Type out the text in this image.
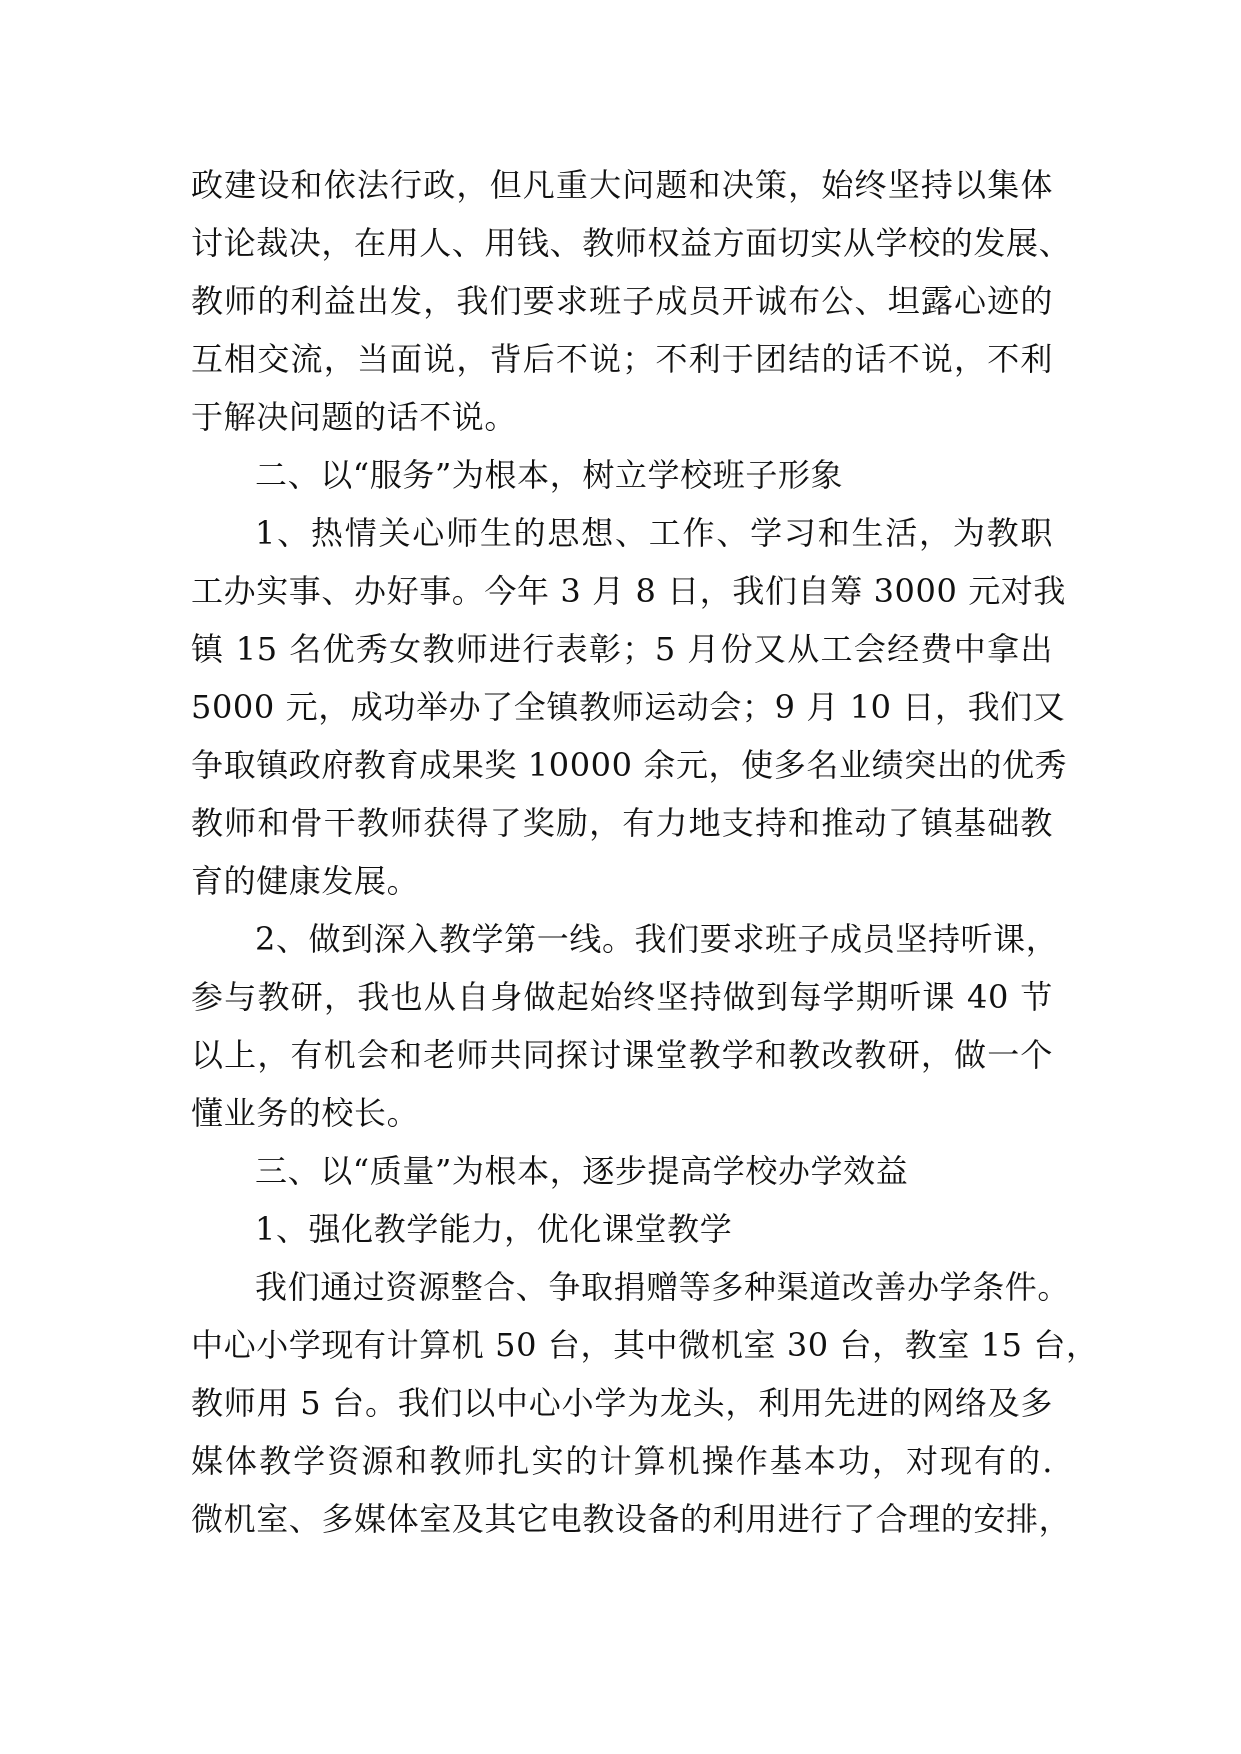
政建设和依法行政，但凡重大问题和决策，始终坚持以集体
讨论裁决，在用人、用钱、教师权益方面切实从学校的发展、
教师的利益出发，我们要求班子成员开诚布公、坦露心迹的
互相交流，当面说，背后不说；不利于团结的话不说，不利
于解决问题的话不说。
二、以“服务”为根本，树立学校班子形象
1、热情关心师生的思想、工作、学习和生活，为教职
工办实事、办好事。今年 3 月 8 日，我们自筹 3000 元对我
镇 15 名优秀女教师进行表彰；5 月份又从工会经费中拿出
5000 元，成功举办了全镇教师运动会；9 月 10 日，我们又
争取镇政府教育成果奖 10000 余元，使多名业绩突出的优秀
教师和骨干教师获得了奖励，有力地支持和推动了镇基础教
育的健康发展。
2、做到深入教学第一线。我们要求班子成员坚持听课，
参与教研，我也从自身做起始终坚持做到每学期听课 40 节
以上，有机会和老师共同探讨课堂教学和教改教研，做一个
懂业务的校长。
三、以“质量”为根本，逐步提高学校办学效益
1、强化教学能力，优化课堂教学
我们通过资源整合、争取捐赠等多种渠道改善办学条件。
中心小学现有计算机 50 台，其中微机室 30 台，教室 15 台，
教师用 5 台。我们以中心小学为龙头，利用先进的网络及多
媒体教学资源和教师扎实的计算机操作基本功，对现有的.
微机室、多媒体室及其它电教设备的利用进行了合理的安排，
